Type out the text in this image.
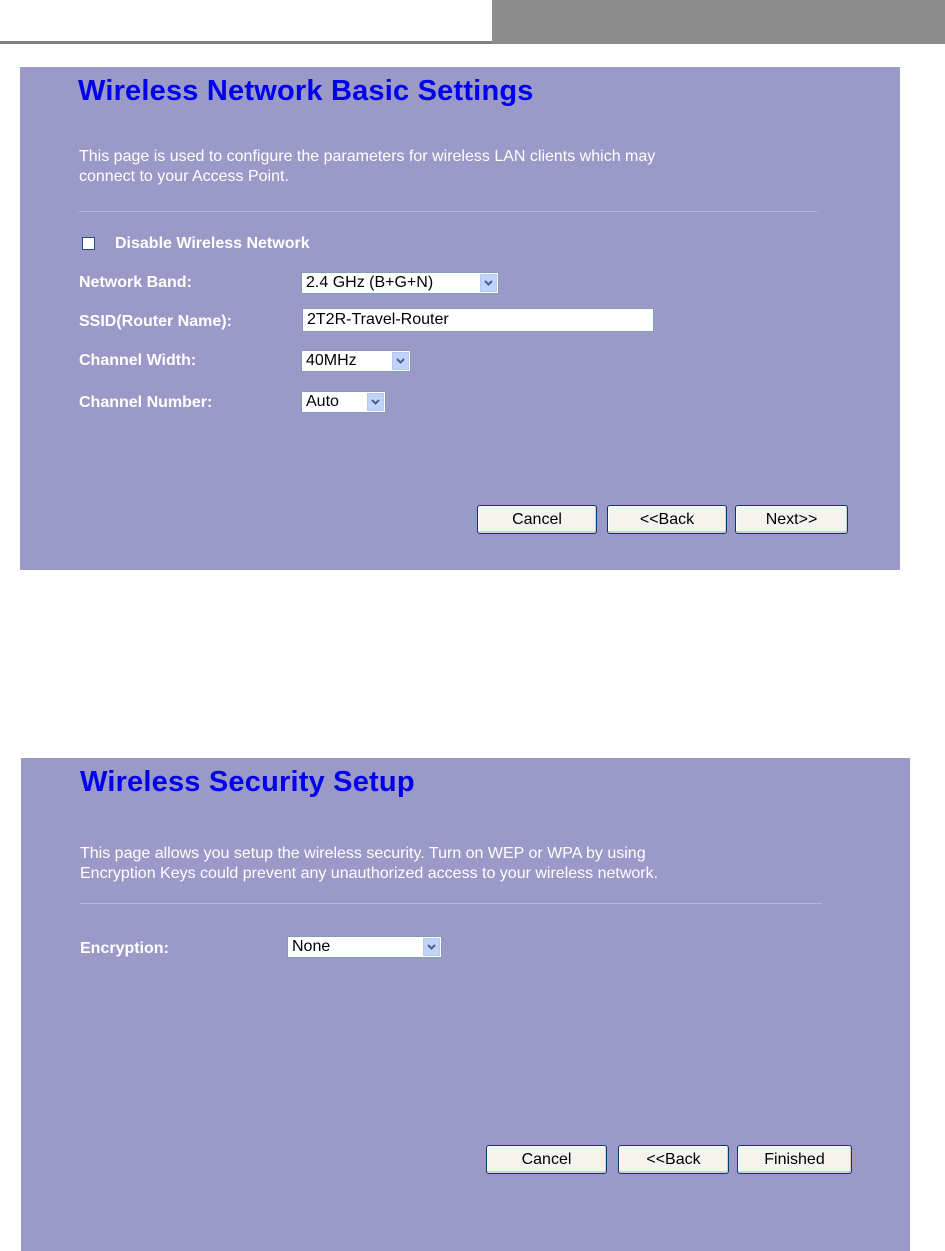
Wireless Network Basic Settings
This page is used to configure the parameters for wireless LAN clients which may
connect to your Access Point.
Disable Wireless Network
Network Band:	2.4 GHz (B+G+N)
SSID(Router Name):	2T2R-Travel-Router
Channel Width:	40MHz
Channel Number:	Auto
Cancel	<<Back	Next>>
Wireless Security Setup
This page allows you setup the wireless security. Turn on WEP or WPA by using
Encryption Keys could prevent any unauthorized access to your wireless network.
Encryption:	None
Cancel	<<Back	Finished
